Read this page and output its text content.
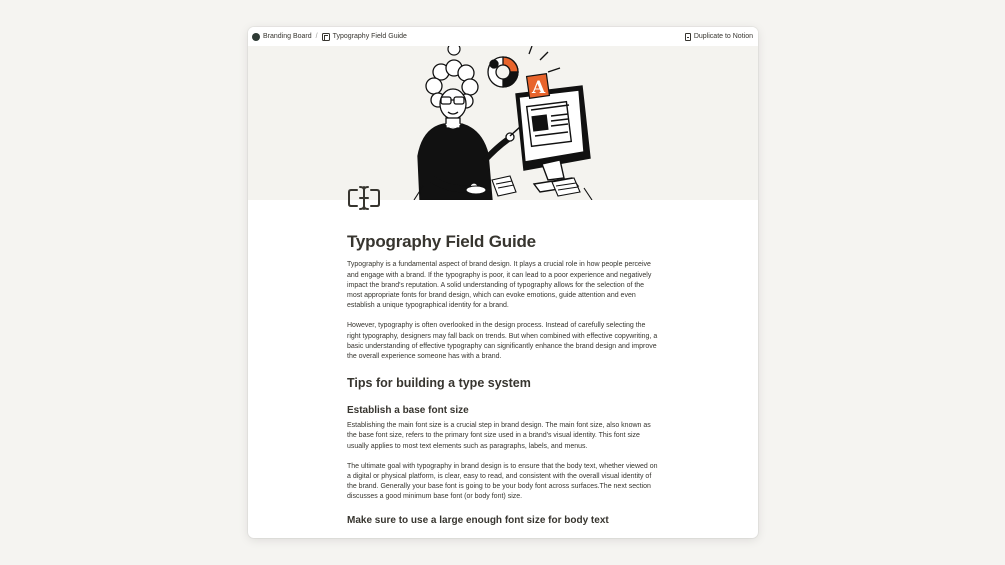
Branding Board / Typography Field Guide	Duplicate to Notion
A
Typography Field Guide

Typography is a fundamental aspect of brand design. It plays a crucial role in how people perceive and engage with a brand. If the typography is poor, it can lead to a poor experience and negatively impact the brand's reputation. A solid understanding of typography allows for the selection of the most appropriate fonts for brand design, which can evoke emotions, guide attention and even establish a unique typographical identity for a brand.

However, typography is often overlooked in the design process. Instead of carefully selecting the right typography, designers may fall back on trends. But when combined with effective copywriting, a basic understanding of effective typography can significantly enhance the brand design and improve the overall experience someone has with a brand.

Tips for building a type system
Establish a base font size

Establishing the main font size is a crucial step in brand design. The main font size, also known as the base font size, refers to the primary font size used in a brand's visual identity. This font size usually applies to most text elements such as paragraphs, labels, and menus.

The ultimate goal with typography in brand design is to ensure that the body text, whether viewed on a digital or physical platform, is clear, easy to read, and consistent with the overall visual identity of the brand. Generally your base font is going to be your body font across surfaces.The next section discusses a good minimum base font (or body font) size.

Make sure to use a large enough font size for body text
